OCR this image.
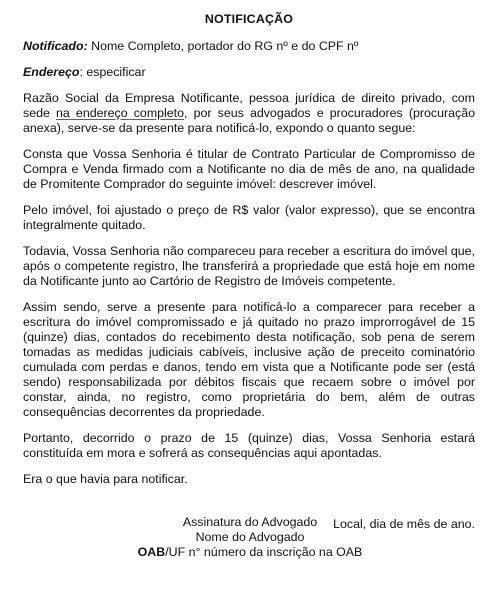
NOTIFICAÇÃO

Notificado: Nome Completo, portador do RG nº e do CPF nº

Endereço: especificar

Razão Social da Empresa Notificante, pessoa jurídica de direito privado, com sede na endereço completo, por seus advogados e procuradores (procuração anexa), serve-se da presente para notificá-lo, expondo o quanto segue:

Consta que Vossa Senhoria é titular de Contrato Particular de Compromisso de Compra e Venda firmado com a Notificante no dia de mês de ano, na qualidade de Promitente Comprador do seguinte imóvel: descrever imóvel.

Pelo imóvel, foi ajustado o preço de R$ valor (valor expresso), que se encontra integralmente quitado.

Todavia, Vossa Senhoria não compareceu para receber a escritura do imóvel que, após o competente registro, lhe transferirá a propriedade que está hoje em nome da Notificante junto ao Cartório de Registro de Imóveis competente.

Assim sendo, serve a presente para notificá-lo a comparecer para receber a escritura do imóvel compromissado e já quitado no prazo improrrogável de 15 (quinze) dias, contados do recebimento desta notificação, sob pena de serem tomadas as medidas judiciais cabíveis, inclusive ação de preceito cominatório cumulada com perdas e danos, tendo em vista que a Notificante pode ser (está sendo) responsabilizada por débitos fiscais que recaem sobre o imóvel por constar, ainda, no registro, como proprietária do bem, além de outras consequências decorrentes da propriedade.

Portanto, decorrido o prazo de 15 (quinze) dias, Vossa Senhoria estará constituída em mora e sofrerá as consequências aqui apontadas.

Era o que havia para notificar.

Local, dia de mês de ano.

Assinatura do Advogado
Nome do Advogado
OAB/UF n° número da inscrição na OAB
